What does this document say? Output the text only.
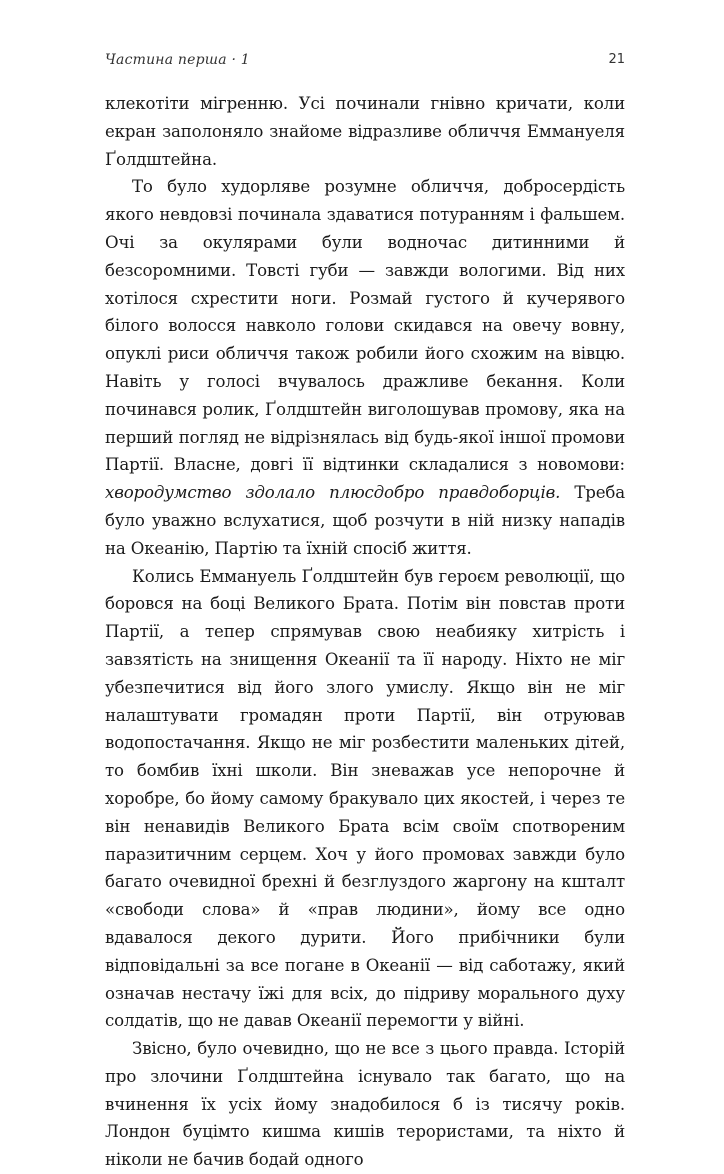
Частина перша · 1	21

клекотіти мігренню. Усі починали гнівно кричати, коли екран заполоняло знайоме відразливе обличчя Еммануеля Ґолдштейна.

То було худорляве розумне обличчя, добросердість якого невдовзі починала здаватися потуранням і фальшем. Очі за окулярами були водночас дитинними й безсоромними. Товсті губи — завжди вологими. Від них хотілося схрестити ноги. Розмай густого й кучерявого білого волосся навколо голови скидався на овечу вовну, опуклі риси обличчя також робили його схожим на вівцю. Навіть у голосі вчувалось дражливе бекання. Коли починався ролик, Ґолдштейн виголошував промову, яка на перший погляд не відрізнялась від будь-якої іншої промови Партії. Власне, довгі її відтинки складалися з новомови: хвородумство здолало плюсдобро правдоборців. Треба було уважно вслухатися, щоб розчути в ній низку нападів на Океанію, Партію та їхній спосіб життя.

Колись Еммануель Ґолдштейн був героєм революції, що боровся на боці Великого Брата. Потім він повстав проти Партії, а тепер спрямував свою неабияку хитрість і завзятість на знищення Океанії та її народу. Ніхто не міг убезпечитися від його злого умислу. Якщо він не міг налаштувати громадян проти Партії, він отруював водопостачання. Якщо не міг розбестити маленьких дітей, то бомбив їхні школи. Він зневажав усе непорочне й хоробре, бо йому самому бракувало цих якостей, і через те він ненавидів Великого Брата всім своїм спотвореним паразитичним серцем. Хоч у його промовах завжди було багато очевидної брехні й безглуздого жаргону на кшталт «свободи слова» й «прав людини», йому все одно вдавалося декого дурити. Його прибічники були відповідальні за все погане в Океанії — від саботажу, який означав нестачу їжі для всіх, до підриву морального духу солдатів, що не давав Океанії перемогти у війні.

Звісно, було очевидно, що не все з цього правда. Історій про злочини Ґолдштейна існувало так багато, що на вчинення їх усіх йому знадобилося б із тисячу років. Лондон буцімто кишма кишів терористами, та ніхто й ніколи не бачив бодай одного
